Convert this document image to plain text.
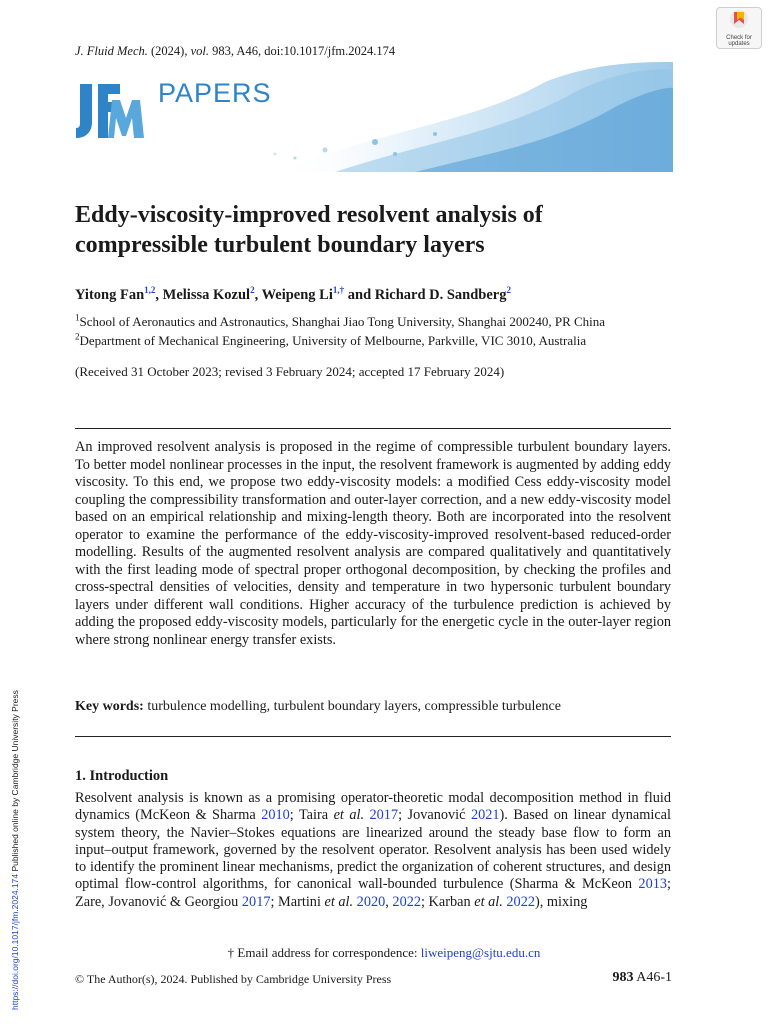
J. Fluid Mech. (2024), vol. 983, A46, doi:10.1017/jfm.2024.174
Check for
updates
PAPERS
Eddy-viscosity-improved resolvent analysis of compressible turbulent boundary layers
Yitong Fan$^{1,2}$, Melissa Kozul$^2$, Weipeng $Li^{1,\dagger}$ and Richard D. Sandberg$^2$
$^1$School of Aeronautics and Astronautics, Shanghai Jiao Tong University, Shanghai 200240, PR China
$^2$Department of Mechanical Engineering, University of Melbourne, Parkville, VIC 3010, Australia
(Received 31 October 2023; revised 3 February 2024; accepted 17 February 2024)

An improved resolvent analysis is proposed in the regime of compressible turbulent boundary layers. To better model nonlinear processes in the input, the resolvent framework is augmented by adding eddy viscosity. To this end, we propose two eddy-viscosity models: a modified Cess eddy-viscosity model coupling the compressibility transformation and outer-layer correction, and a new eddy-viscosity model based on an empirical relationship and mixing-length theory. Both are incorporated into the resolvent operator to examine the performance of the eddy-viscosity-improved resolvent-based reduced-order modelling. Results of the augmented resolvent analysis are compared qualitatively and quantitatively with the first leading mode of spectral proper orthogonal decomposition, by checking the profiles and cross-spectral densities of velocities, density and temperature in two hypersonic turbulent boundary layers under different wall conditions. Higher accuracy of the turbulence prediction is achieved by adding the proposed eddy-viscosity models, particularly for the energetic cycle in the outer-layer region where strong nonlinear energy transfer exists.

Key words: turbulence modelling, turbulent boundary layers, compressible turbulence
1. Introduction

Resolvent analysis is known as a promising operator-theoretic modal decomposition method in fluid dynamics (McKeon & Sharma 2010; Taira et al. 2017; Jovanović 2021). Based on linear dynamical system theory, the Navier–Stokes equations are linearized around the steady base flow to form an input–output framework, governed by the resolvent operator. Resolvent analysis has been used widely to identify the prominent linear mechanisms, predict the organization of coherent structures, and design optimal flow-control algorithms, for canonical wall-bounded turbulence (Sharma & McKeon 2013; Zare, Jovanović & Georgiou 2017; Martini et al. 2020, 2022; Karban et al. 2022), mixing

† Email address for correspondence: liweipeng@sjtu.edu.cn
© The Author(s), 2024. Published by Cambridge University Press	983 A46-1
https://doi.org/10.1017/jfm.2024.174 Published online by Cambridge University Press
